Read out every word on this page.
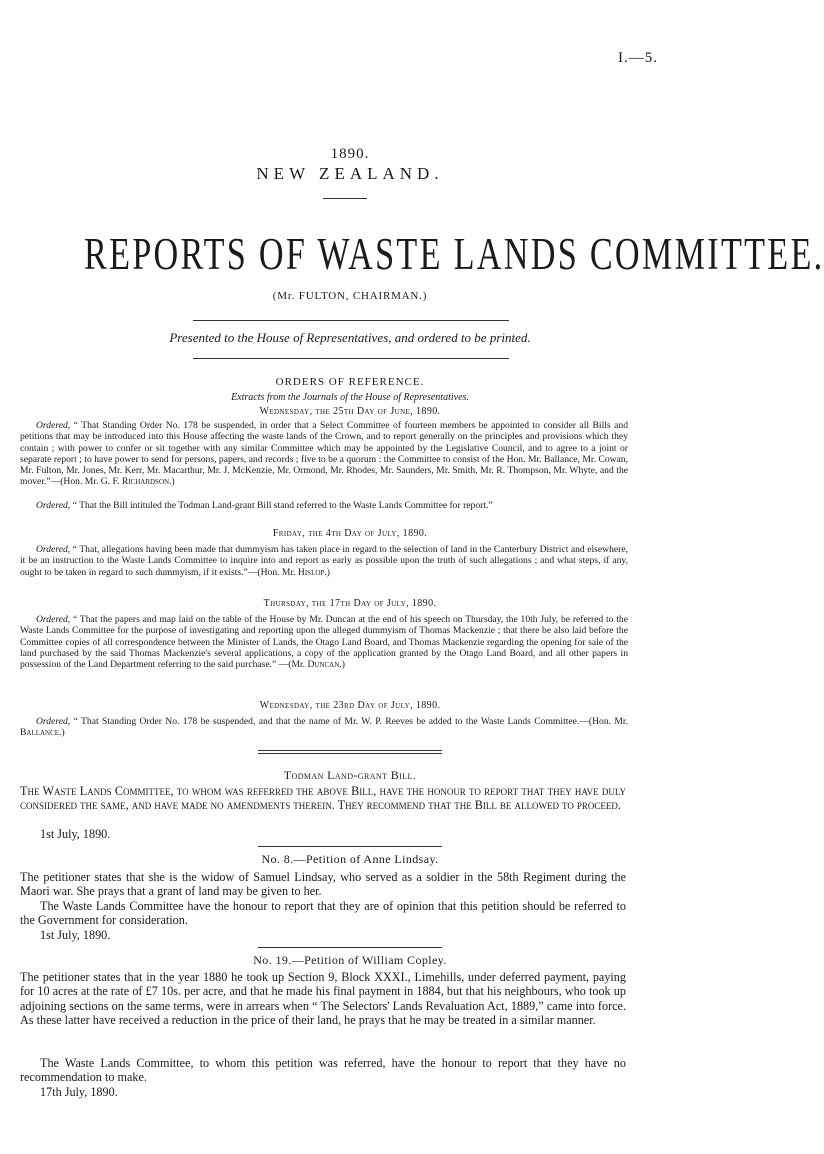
I.—5.
1890.
NEW ZEALAND.
REPORTS OF WASTE LANDS COMMITTEE.
(Mr. FULTON, CHAIRMAN.)
Presented to the House of Representatives, and ordered to be printed.
ORDERS OF REFERENCE.
Extracts from the Journals of the House of Representatives.
Wednesday, the 25th Day of June, 1890.

Ordered, “ That Standing Order No. 178 be suspended, in order that a Select Committee of fourteen members be appointed to consider all Bills and petitions that may be introduced into this House affecting the waste lands of the Crown, and to report generally on the principles and provisions which they contain ; with power to confer or sit together with any similar Committee which may be appointed by the Legislative Council, and to agree to a joint or separate report ; to have power to send for persons, papers, and records ; five to be a quorum : the Committee to consist of the Hon. Mr. Ballance, Mr. Cowan, Mr. Fulton, Mr. Jones, Mr. Kerr, Mr. Macarthur, Mr. J. McKenzie, Mr. Ormond, Mr. Rhodes, Mr. Saunders, Mr. Smith, Mr. R. Thompson, Mr. Whyte, and the mover.”—(Hon. Mr. G. F. Richardson.)

Ordered, “ That the Bill intituled the Todman Land-grant Bill stand referred to the Waste Lands Committee for report.”

Friday, the 4th Day of July, 1890.

Ordered, “ That, allegations having been made that dummyism has taken place in regard to the selection of land in the Canterbury District and elsewhere, it be an instruction to the Waste Lands Committee to inquire into and report as early as possible upon the truth of such allegations ; and what steps, if any, ought to be taken in regard to such dummyism, if it exists.”—(Hon. Mr. Hislop.)

Thursday, the 17th Day of July, 1890.

Ordered, “ That the papers and map laid on the table of the House by Mr. Duncan at the end of his speech on Thursday, the 10th July, be referred to the Waste Lands Committee for the purpose of investigating and reporting upon the alleged dummyism of Thomas Mackenzie ; that there be also laid before the Committee copies of all correspondence between the Minister of Lands, the Otago Land Board, and Thomas Mackenzie regarding the opening for sale of the land purchased by the said Thomas Mackenzie's several applications, a copy of the application granted by the Otago Land Board, and all other papers in possession of the Land Department referring to the said purchase.” —(Mr. Duncan.)

Wednesday, the 23rd Day of July, 1890.

Ordered, “ That Standing Order No. 178 be suspended, and that the name of Mr. W. P. Reeves be added to the Waste Lands Committee.—(Hon. Mr. Ballance.)

Todman Land-grant Bill.

The Waste Lands Committee, to whom was referred the above Bill, have the honour to report that they have duly considered the same, and have made no amendments therein. They recommend that the Bill be allowed to proceed.

1st July, 1890.
No. 8.—Petition of Anne Lindsay.

The petitioner states that she is the widow of Samuel Lindsay, who served as a soldier in the 58th Regiment during the Maori war. She prays that a grant of land may be given to her.

The Waste Lands Committee have the honour to report that they are of opinion that this petition should be referred to the Government for consideration.

1st July, 1890.
No. 19.—Petition of William Copley.

The petitioner states that in the year 1880 he took up Section 9, Block XXXI., Limehills, under deferred payment, paying for 10 acres at the rate of £7 10s. per acre, and that he made his final payment in 1884, but that his neighbours, who took up adjoining sections on the same terms, were in arrears when “ The Selectors' Lands Revaluation Act, 1889,” came into force. As these latter have received a reduction in the price of their land, he prays that he may be treated in a similar manner.

The Waste Lands Committee, to whom this petition was referred, have the honour to report that they have no recommendation to make.

17th July, 1890.
